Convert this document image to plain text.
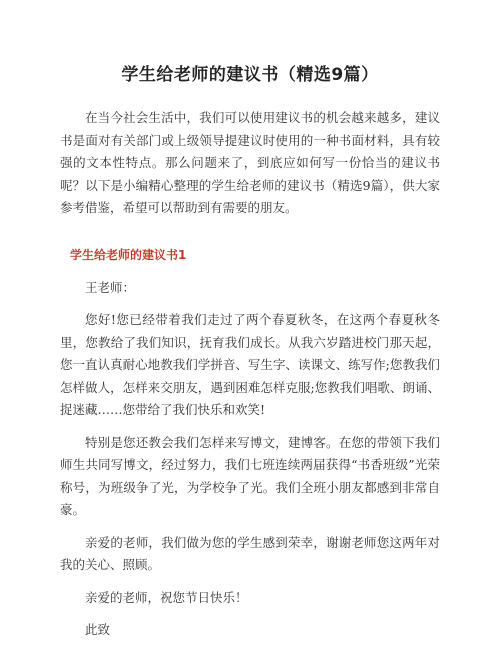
学生给老师的建议书（精选9篇）

在当今社会生活中，我们可以使用建议书的机会越来越多，建议书是面对有关部门或上级领导提建议时使用的一种书面材料，具有较强的文本性特点。那么问题来了，到底应如何写一份恰当的建议书呢？以下是小编精心整理的学生给老师的建议书（精选9篇），供大家参考借鉴，希望可以帮助到有需要的朋友。

学生给老师的建议书1

王老师：

您好!您已经带着我们走过了两个春夏秋冬，在这两个春夏秋冬里，您教给了我们知识，抚育我们成长。从我六岁踏进校门那天起，您一直认真耐心地教我们学拼音、写生字、读课文、练写作;您教我们怎样做人，怎样来交朋友，遇到困难怎样克服;您教我们唱歌、朗诵、捉迷藏……您带给了我们快乐和欢笑!

特别是您还教会我们怎样来写博文，建博客。在您的带领下我们师生共同写博文，经过努力，我们七班连续两届获得“书香班级”光荣称号，为班级争了光，为学校争了光。我们全班小朋友都感到非常自豪。

亲爱的老师，我们做为您的学生感到荣幸，谢谢老师您这两年对我的关心、照顾。

亲爱的老师，祝您节日快乐！

此致
